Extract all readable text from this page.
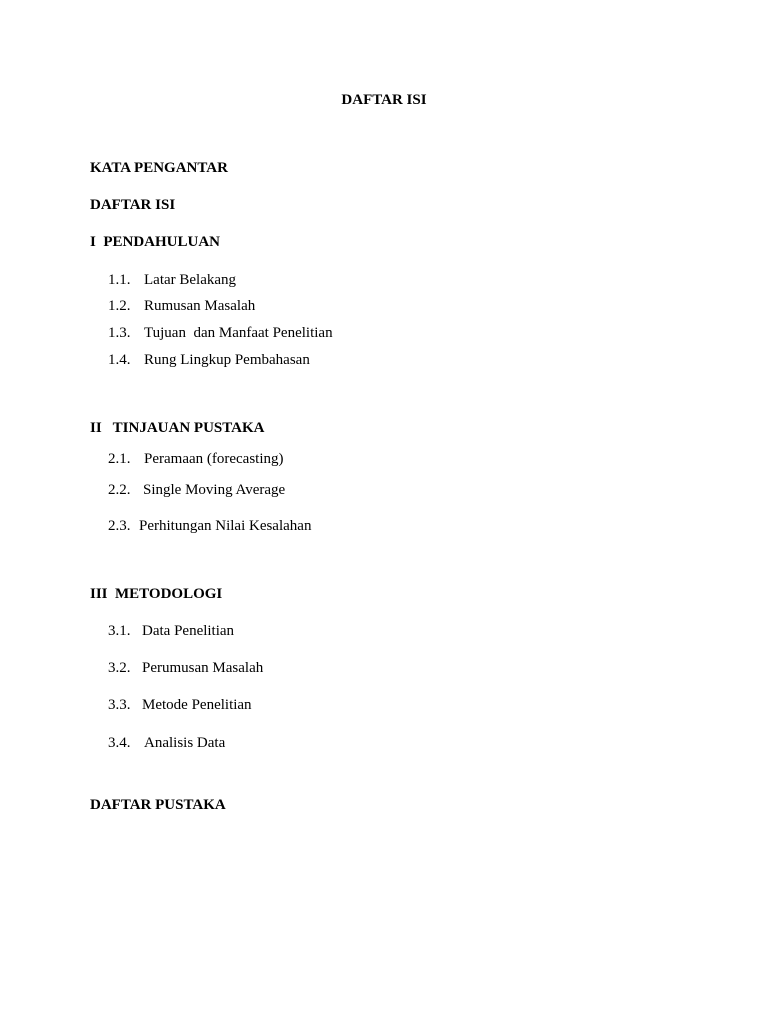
DAFTAR ISI
KATA PENGANTAR
DAFTAR ISI
I  PENDAHULUAN
1.1. Latar Belakang
1.2. Rumusan Masalah
1.3. Tujuan  dan Manfaat Penelitian
1.4. Rung Lingkup Pembahasan
II   TINJAUAN PUSTAKA
2.1. Peramaan (forecasting)
2.2. Single Moving Average
2.3. Perhitungan Nilai Kesalahan
III  METODOLOGI
3.1. Data Penelitian
3.2. Perumusan Masalah
3.3. Metode Penelitian
3.4. Analisis Data
DAFTAR PUSTAKA
